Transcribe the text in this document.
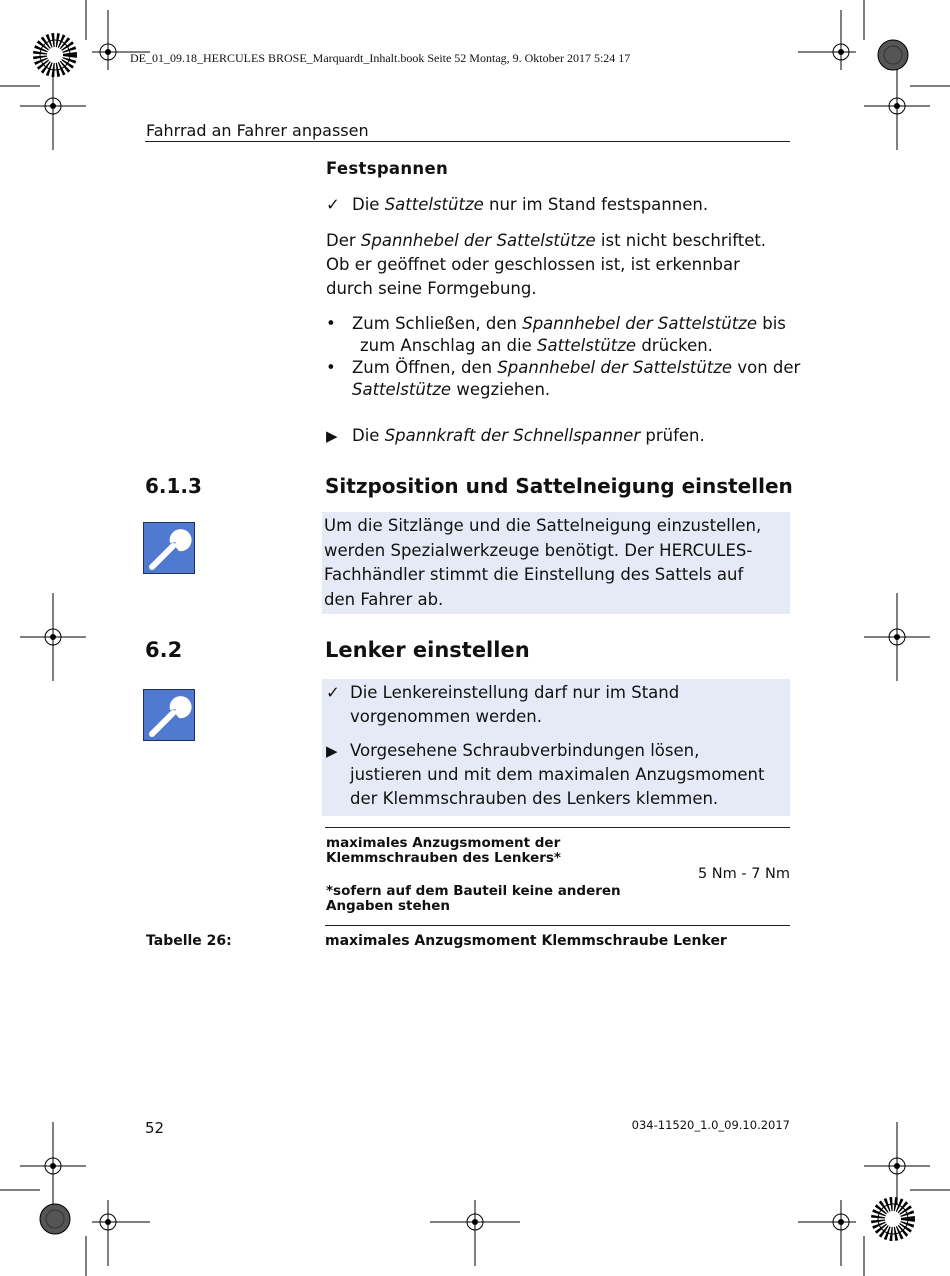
DE_01_09.18_HERCULES BROSE_Marquardt_Inhalt.book Seite 52 Montag, 9. Oktober 2017 5:24 17
Fahrrad an Fahrer anpassen
Festspannen
✓ Die Sattelstütze nur im Stand festspannen.
Der Spannhebel der Sattelstütze ist nicht beschriftet.
Ob er geöffnet oder geschlossen ist, ist erkennbar
durch seine Formgebung.
• Zum Schließen, den Spannhebel der Sattelstütze bis
zum Anschlag an die Sattelstütze drücken.
• Zum Öffnen, den Spannhebel der Sattelstütze von der
Sattelstütze wegziehen.
▶ Die Spannkraft der Schnellspanner prüfen.
6.1.3	Sitzposition und Sattelneigung einstellen
Um die Sitzlänge und die Sattelneigung einzustellen,
werden Spezialwerkzeuge benötigt. Der HERCULES-
Fachhändler stimmt die Einstellung des Sattels auf
den Fahrer ab.
6.2	Lenker einstellen
✓ Die Lenkereinstellung darf nur im Stand
vorgenommen werden.
▶ Vorgesehene Schraubverbindungen lösen,
justieren und mit dem maximalen Anzugsmoment
der Klemmschrauben des Lenkers klemmen.
maximales Anzugsmoment der
Klemmschrauben des Lenkers*
5 Nm - 7 Nm
*sofern auf dem Bauteil keine anderen
Angaben stehen
Tabelle 26:	maximales Anzugsmoment Klemmschraube Lenker
52	034-11520_1.0_09.10.2017
